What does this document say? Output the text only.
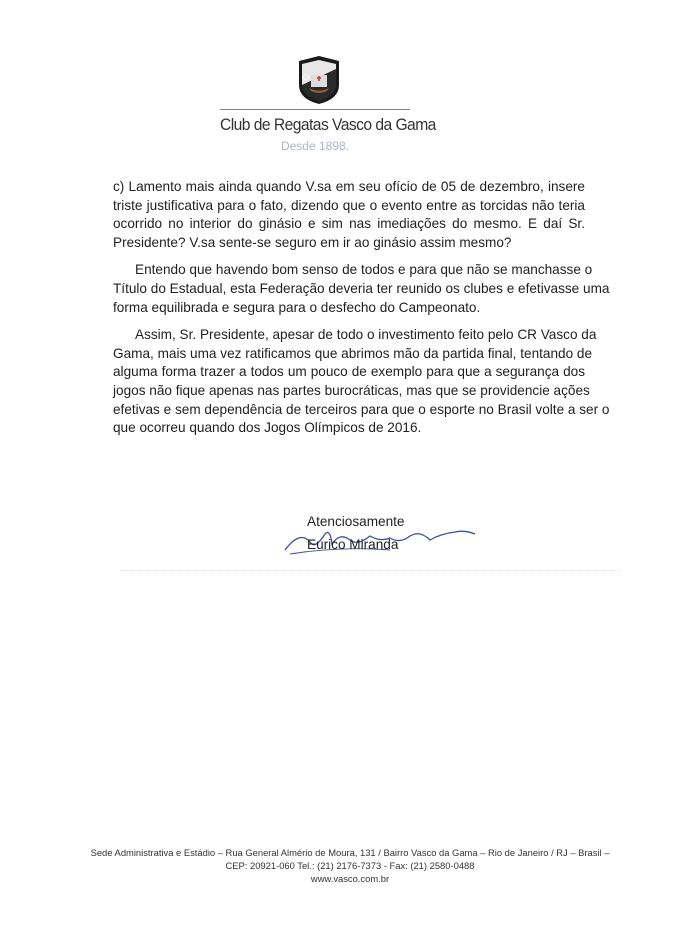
Club de Regatas Vasco da Gama
Desde 1898.
c) Lamento mais ainda quando V.sa em seu ofício de 05 de dezembro, insere
triste justificativa para o fato, dizendo que o evento entre as torcidas não teria
ocorrido no interior do ginásio e sim nas imediações do mesmo. E daí Sr.
Presidente? V.sa sente-se seguro em ir ao ginásio assim mesmo?
Entendo que havendo bom senso de todos e para que não se manchasse o
Título do Estadual, esta Federação deveria ter reunido os clubes e efetivasse uma
forma equilibrada e segura para o desfecho do Campeonato.
Assim, Sr. Presidente, apesar de todo o investimento feito pelo CR Vasco da
Gama, mais uma vez ratificamos que abrimos mão da partida final, tentando de
alguma forma trazer a todos um pouco de exemplo para que a segurança dos
jogos não fique apenas nas partes burocráticas, mas que se providencie ações
efetivas e sem dependência de terceiros para que o esporte no Brasil volte a ser o
que ocorreu quando dos Jogos Olímpicos de 2016.
Atenciosamente
Eurico Miranda
Sede Administrativa e Estádio – Rua General Almério de Moura, 131 / Bairro Vasco da Gama – Rio de Janeiro / RJ – Brasil –
CEP: 20921-060 Tel.: (21) 2176-7373 - Fax: (21) 2580-0488
www.vasco.com.br
